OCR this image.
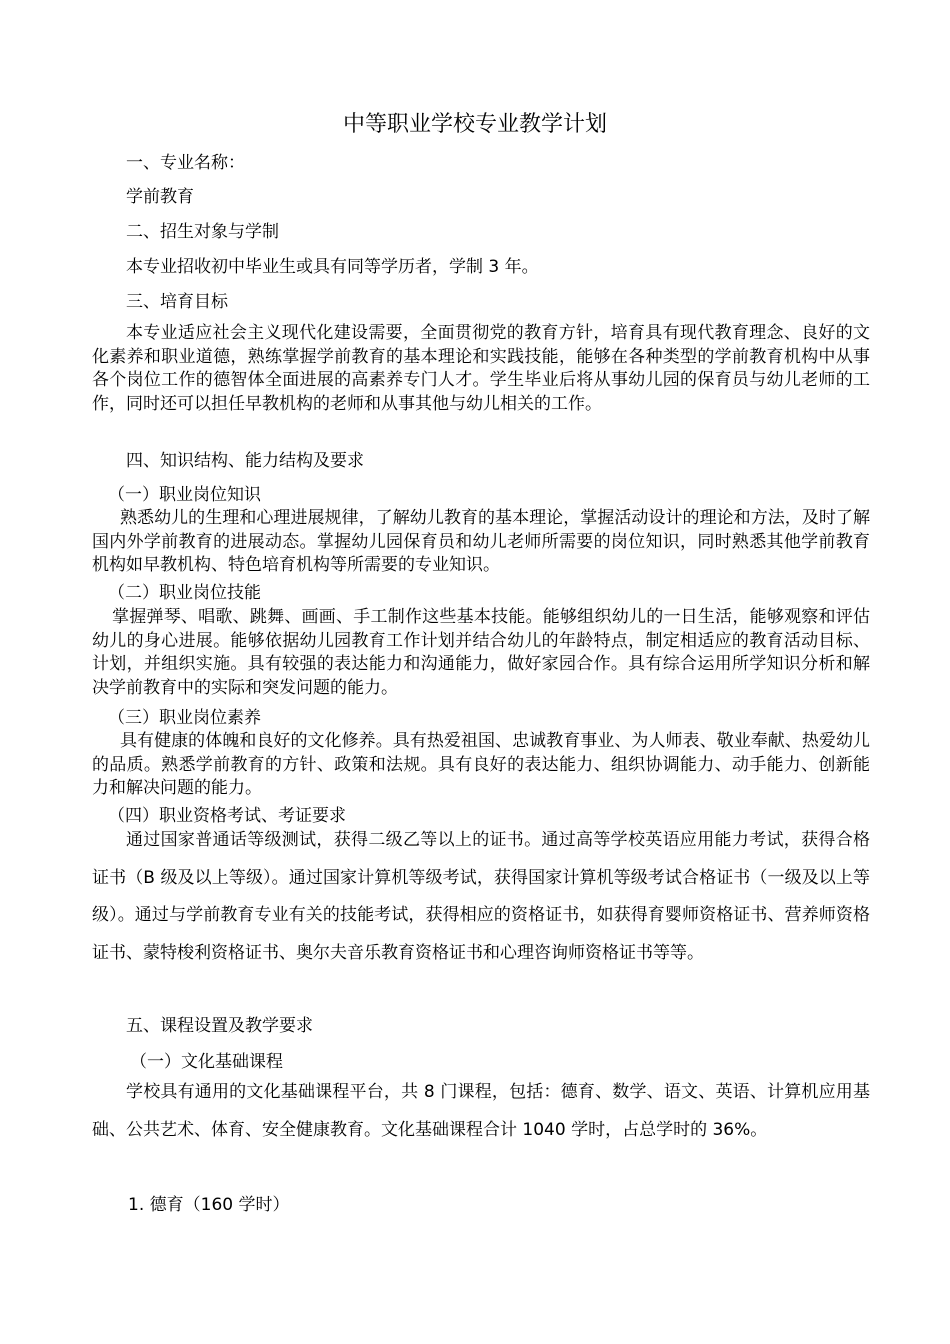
中等职业学校专业教学计划
一、专业名称：
学前教育
二、招生对象与学制
本专业招收初中毕业生或具有同等学历者，学制 3 年。
三、培育目标
本专业适应社会主义现代化建设需要，全面贯彻党的教育方针，培育具有现代教育理念、良好的文化素养和职业道德，熟练掌握学前教育的基本理论和实践技能，能够在各种类型的学前教育机构中从事各个岗位工作的德智体全面进展的高素养专门人才。学生毕业后将从事幼儿园的保育员与幼儿老师的工作，同时还可以担任早教机构的老师和从事其他与幼儿相关的工作。
四、知识结构、能力结构及要求
（一）职业岗位知识
熟悉幼儿的生理和心理进展规律，了解幼儿教育的基本理论，掌握活动设计的理论和方法，及时了解国内外学前教育的进展动态。掌握幼儿园保育员和幼儿老师所需要的岗位知识，同时熟悉其他学前教育机构如早教机构、特色培育机构等所需要的专业知识。
（二）职业岗位技能
掌握弹琴、唱歌、跳舞、画画、手工制作这些基本技能。能够组织幼儿的一日生活，能够观察和评估幼儿的身心进展。能够依据幼儿园教育工作计划并结合幼儿的年龄特点，制定相适应的教育活动目标、计划，并组织实施。具有较强的表达能力和沟通能力，做好家园合作。具有综合运用所学知识分析和解决学前教育中的实际和突发问题的能力。
（三）职业岗位素养
具有健康的体魄和良好的文化修养。具有热爱祖国、忠诚教育事业、为人师表、敬业奉献、热爱幼儿的品质。熟悉学前教育的方针、政策和法规。具有良好的表达能力、组织协调能力、动手能力、创新能力和解决问题的能力。
（四）职业资格考试、考证要求
通过国家普通话等级测试，获得二级乙等以上的证书。通过高等学校英语应用能力考试，获得合格证书（B 级及以上等级）。通过国家计算机等级考试，获得国家计算机等级考试合格证书（一级及以上等级）。通过与学前教育专业有关的技能考试，获得相应的资格证书，如获得育婴师资格证书、营养师资格证书、蒙特梭利资格证书、奥尔夫音乐教育资格证书和心理咨询师资格证书等等。
五、课程设置及教学要求
（一）文化基础课程
学校具有通用的文化基础课程平台，共 8 门课程，包括：德育、数学、语文、英语、计算机应用基础、公共艺术、体育、安全健康教育。文化基础课程合计 1040 学时，占总学时的 36%。
1. 德育（160 学时）
